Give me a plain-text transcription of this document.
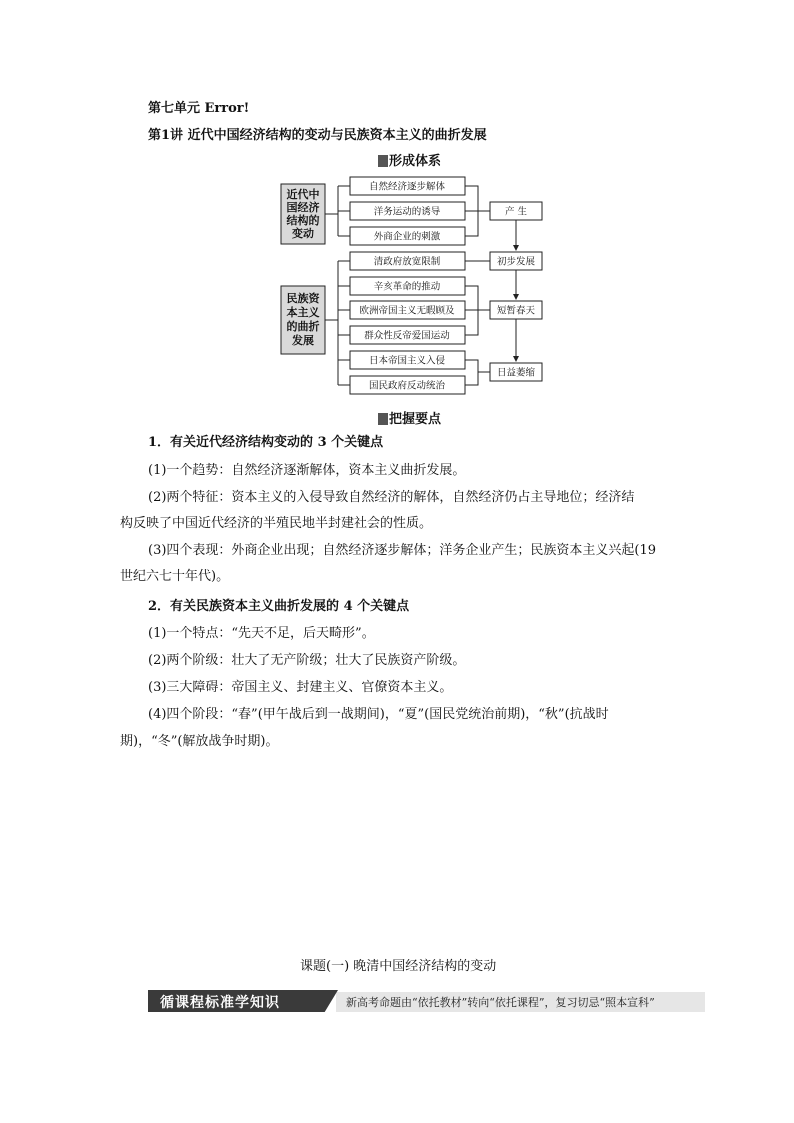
第七单元 Error!
第1讲 近代中国经济结构的变动与民族资本主义的曲折发展
形成体系
近代中
国经济
结构的
变动
民族资
本主义
的曲折
发展
自然经济逐步解体
洋务运动的诱导
外商企业的刺激
清政府放宽限制
辛亥革命的推动
欧洲帝国主义无暇顾及
群众性反帝爱国运动
日本帝国主义入侵
国民政府反动统治
产 生
初步发展
短暂春天
日益萎缩
把握要点
1．有关近代经济结构变动的 3 个关键点
(1)一个趋势：自然经济逐渐解体，资本主义曲折发展。
(2)两个特征：资本主义的入侵导致自然经济的解体，自然经济仍占主导地位；经济结
构反映了中国近代经济的半殖民地半封建社会的性质。
(3)四个表现：外商企业出现；自然经济逐步解体；洋务企业产生；民族资本主义兴起(19
世纪六七十年代)。
2．有关民族资本主义曲折发展的 4 个关键点
(1)一个特点：“先天不足，后天畸形”。
(2)两个阶级：壮大了无产阶级；壮大了民族资产阶级。
(3)三大障碍：帝国主义、封建主义、官僚资本主义。
(4)四个阶段：“春”(甲午战后到一战期间)，“夏”(国民党统治前期)，“秋”(抗战时
期)，“冬”(解放战争时期)。
课题(一) 晚清中国经济结构的变动
循课程标准学知识	新高考命题由“依托教材”转向“依托课程”，复习切忌“照本宣科”
